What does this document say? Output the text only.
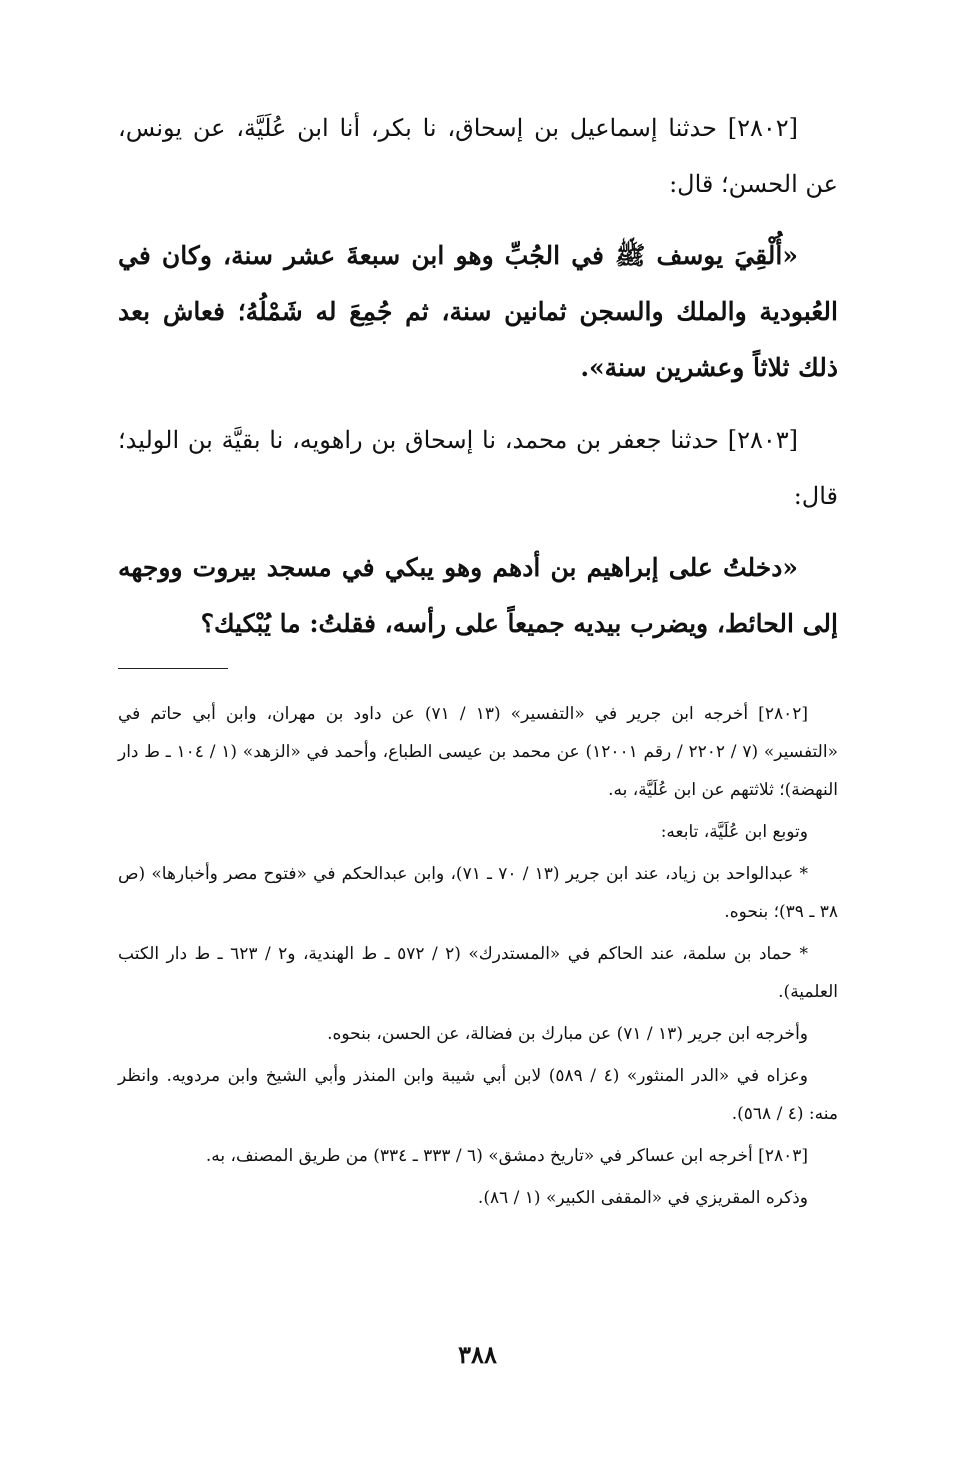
[٢٨٠٢] حدثنا إسماعيل بن إسحاق، نا بكر، أنا ابن عُلَيَّة، عن يونس، عن الحسن؛ قال:

«أُلْقِيَ يوسف ﷺ في الجُبِّ وهو ابن سبعةَ عشر سنة، وكان في العُبودية والملك والسجن ثمانين سنة، ثم جُمِعَ له شَمْلُهُ؛ فعاش بعد ذلك ثلاثاً وعشرين سنة».

[٢٨٠٣] حدثنا جعفر بن محمد، نا إسحاق بن راهويه، نا بقيَّة بن الوليد؛ قال:

«دخلتُ على إبراهيم بن أدهم وهو يبكي في مسجد بيروت ووجهه إلى الحائط، ويضرب بيديه جميعاً على رأسه، فقلتُ: ما يُبْكيك؟

[٢٨٠٢] أخرجه ابن جرير في «التفسير» (١٣ / ٧١) عن داود بن مهران، وابن أبي حاتم في «التفسير» (٧ / ٢٢٠٢ / رقم ١٢٠٠١) عن محمد بن عيسى الطباع، وأحمد في «الزهد» (١ / ١٠٤ ـ ط دار النهضة)؛ ثلاثتهم عن ابن عُلَيَّة، به.

وتوبع ابن عُلَيَّة، تابعه:

* عبدالواحد بن زياد، عند ابن جرير (١٣ / ٧٠ ـ ٧١)، وابن عبدالحكم في «فتوح مصر وأخبارها» (ص ٣٨ ـ ٣٩)؛ بنحوه.

* حماد بن سلمة، عند الحاكم في «المستدرك» (٢ / ٥٧٢ ـ ط الهندية، و٢ / ٦٢٣ ـ ط دار الكتب العلمية).

وأخرجه ابن جرير (١٣ / ٧١) عن مبارك بن فضالة، عن الحسن، بنحوه.

وعزاه في «الدر المنثور» (٤ / ٥٨٩) لابن أبي شيبة وابن المنذر وأبي الشيخ وابن مردويه. وانظر منه: (٤ / ٥٦٨).

[٢٨٠٣] أخرجه ابن عساكر في «تاريخ دمشق» (٦ / ٣٣٣ ـ ٣٣٤) من طريق المصنف، به.

وذكره المقريزي في «المقفى الكبير» (١ / ٨٦).

٣٨٨
